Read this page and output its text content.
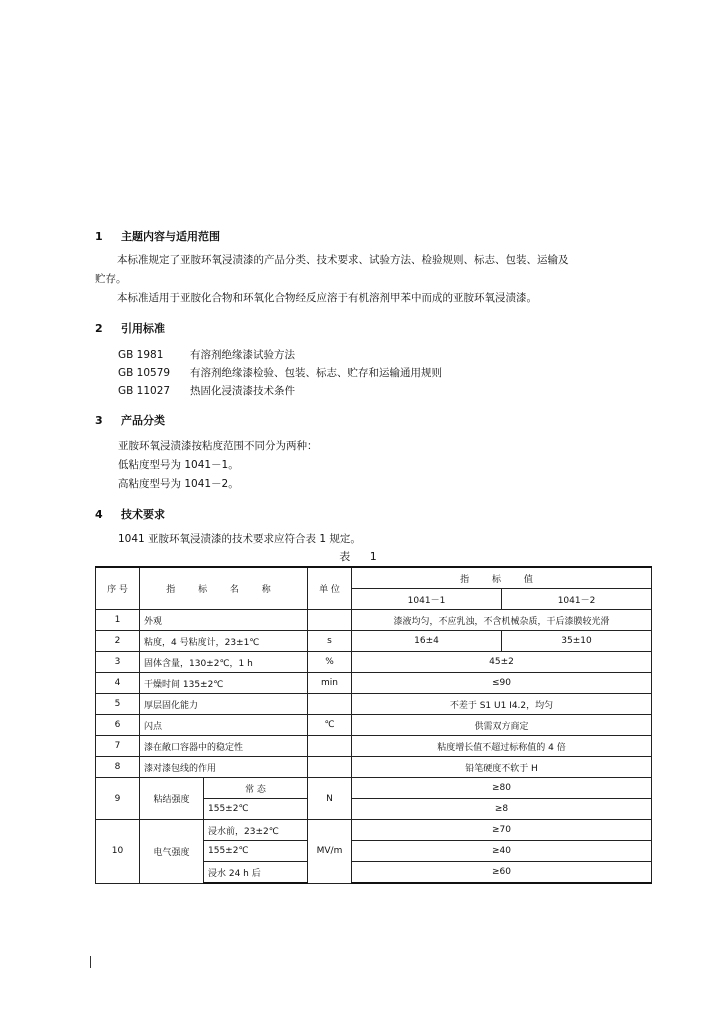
1 主题内容与适用范围
本标准规定了亚胺环氧浸渍漆的产品分类、技术要求、试验方法、检验规则、标志、包装、运输及
贮存。
本标准适用于亚胺化合物和环氧化合物经反应溶于有机溶剂甲苯中而成的亚胺环氧浸渍漆。
2 引用标准
GB 1981	有溶剂绝缘漆试验方法
GB 10579 有溶剂绝缘漆检验、包装、标志、贮存和运输通用规则
GB 11027 热固化浸渍漆技术条件
3 产品分类
亚胺环氧浸渍漆按粘度范围不同分为两种：
低粘度型号为 1041－1。
高粘度型号为 1041－2。
4 技术要求
1041 亚胺环氧浸渍漆的技术要求应符合表 1 规定。
表 1
序 号	指 标 名 称		单 位	指 标 值	
				1041－1	1041－2
1	外观			漆液均匀，不应乳浊，不含机械杂质，干后漆膜较光滑	
2	粘度，4 号粘度计，23±1℃		s	16±4	35±10
3	固体含量，130±2℃，1 h		%	45±2	
4	干燥时间 135±2℃		min	≤90	
5	厚层固化能力			不差于 S1 U1 I4.2，均匀	
6	闪点		℃	供需双方商定	
7	漆在敞口容器中的稳定性			粘度增长值不超过标称值的 4 倍	
8	漆对漆包线的作用			铅笔硬度不软于 H	
9	粘结强度	常 态	N	≥80	
		155±2℃		≥8	
10	电气强度	浸水前，23±2℃	MV/m	≥70	
		155±2℃		≥40	
		浸水 24 h 后		≥60	
